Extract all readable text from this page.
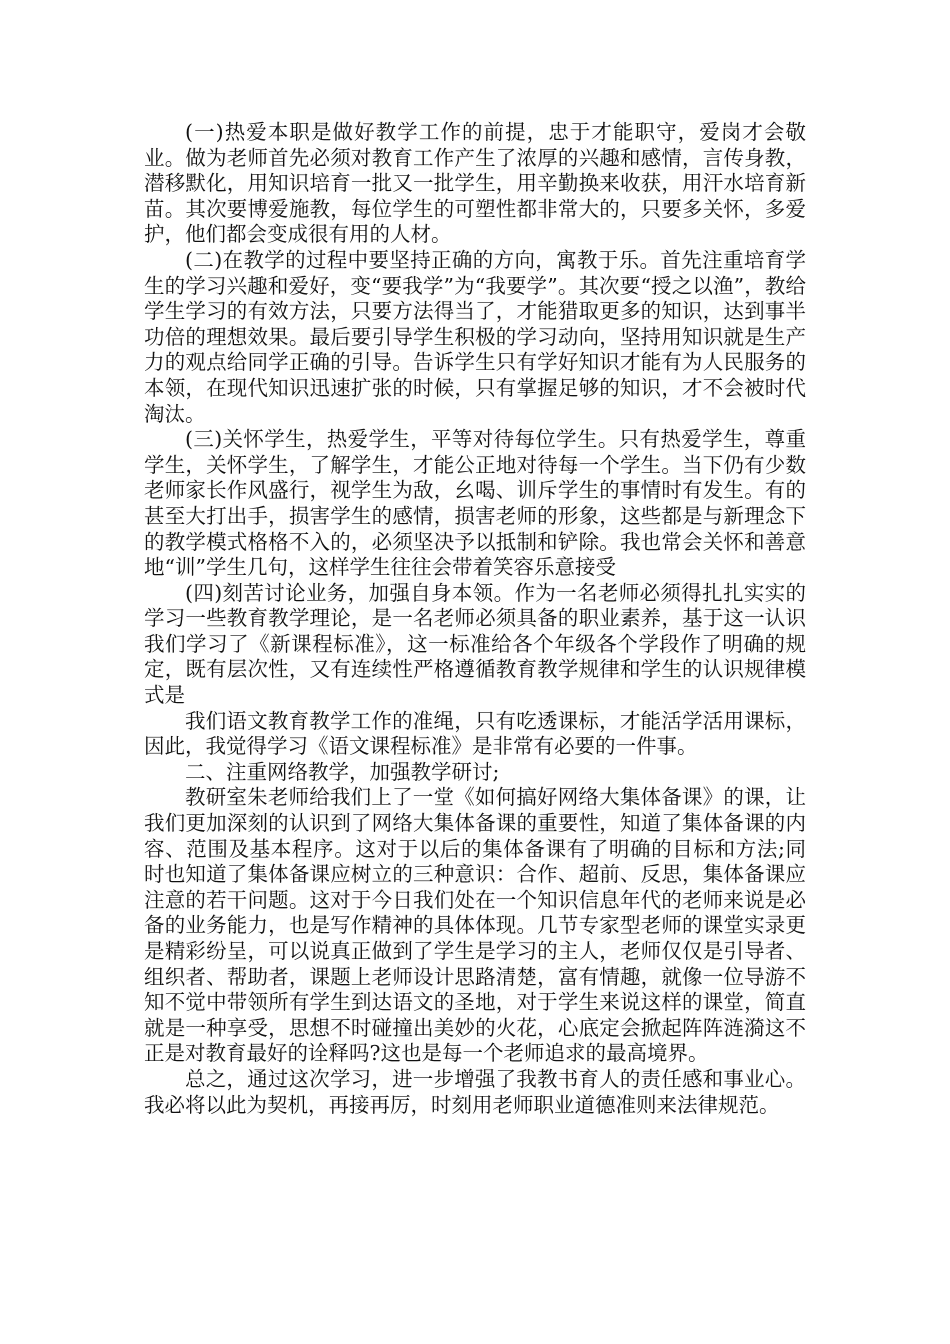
(一)热爱本职是做好教学工作的前提，忠于才能职守，爱岗才会敬业。做为老师首先必须对教育工作产生了浓厚的兴趣和感情，言传身教，潜移默化，用知识培育一批又一批学生，用辛勤换来收获，用汗水培育新苗。其次要博爱施教，每位学生的可塑性都非常大的，只要多关怀，多爱护，他们都会变成很有用的人材。

(二)在教学的过程中要坚持正确的方向，寓教于乐。首先注重培育学生的学习兴趣和爱好，变“要我学”为“我要学”。其次要“授之以渔”，教给学生学习的有效方法，只要方法得当了，才能猎取更多的知识，达到事半功倍的理想效果。最后要引导学生积极的学习动向，坚持用知识就是生产力的观点给同学正确的引导。告诉学生只有学好知识才能有为人民服务的本领，在现代知识迅速扩张的时候，只有掌握足够的知识，才不会被时代淘汰。

(三)关怀学生，热爱学生，平等对待每位学生。只有热爱学生，尊重学生，关怀学生，了解学生，才能公正地对待每一个学生。当下仍有少数老师家长作风盛行，视学生为敌，幺喝、训斥学生的事情时有发生。有的甚至大打出手，损害学生的感情，损害老师的形象，这些都是与新理念下的教学模式格格不入的，必须坚决予以抵制和铲除。我也常会关怀和善意地“训”学生几句，这样学生往往会带着笑容乐意接受

(四)刻苦讨论业务，加强自身本领。作为一名老师必须得扎扎实实的学习一些教育教学理论，是一名老师必须具备的职业素养，基于这一认识我们学习了《新课程标准》，这一标准给各个年级各个学段作了明确的规定，既有层次性，又有连续性严格遵循教育教学规律和学生的认识规律模式是

我们语文教育教学工作的准绳，只有吃透课标，才能活学活用课标，因此，我觉得学习《语文课程标准》是非常有必要的一件事。

二、注重网络教学，加强教学研讨;

教研室朱老师给我们上了一堂《如何搞好网络大集体备课》的课，让我们更加深刻的认识到了网络大集体备课的重要性，知道了集体备课的内容、范围及基本程序。这对于以后的集体备课有了明确的目标和方法;同时也知道了集体备课应树立的三种意识：合作、超前、反思，集体备课应注意的若干问题。这对于今日我们处在一个知识信息年代的老师来说是必备的业务能力，也是写作精神的具体体现。几节专家型老师的课堂实录更是精彩纷呈，可以说真正做到了学生是学习的主人，老师仅仅是引导者、组织者、帮助者，课题上老师设计思路清楚，富有情趣，就像一位导游不知不觉中带领所有学生到达语文的圣地，对于学生来说这样的课堂，简直就是一种享受，思想不时碰撞出美妙的火花，心底定会掀起阵阵涟漪这不正是对教育最好的诠释吗?这也是每一个老师追求的最高境界。

总之，通过这次学习，进一步增强了我教书育人的责任感和事业心。我必将以此为契机，再接再厉，时刻用老师职业道德准则来法律规范。
